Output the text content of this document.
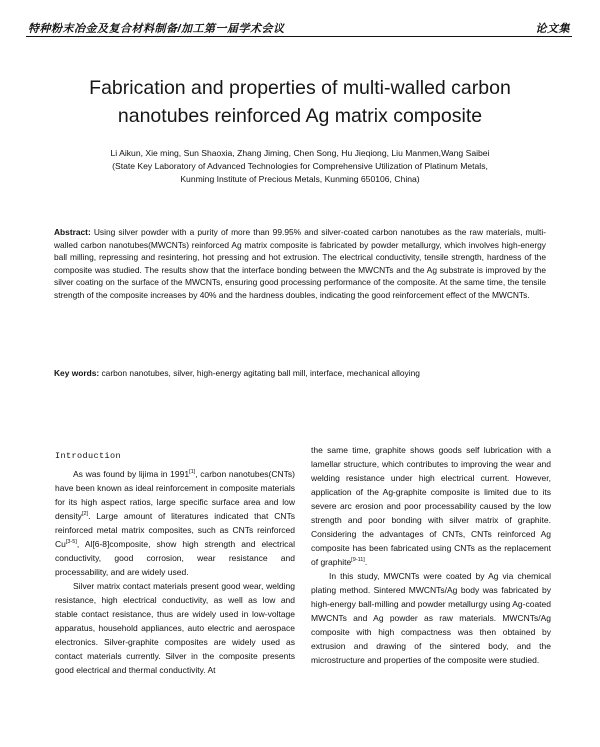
特种粉末冶金及复合材料制备/加工第一届学术会议	论文集
Fabrication and properties of multi-walled carbon
nanotubes reinforced Ag matrix composite
Li Aikun, Xie ming, Sun Shaoxia, Zhang Jiming, Chen Song, Hu Jieqiong, Liu Manmen,Wang Saibei
(State Key Laboratory of Advanced Technologies for Comprehensive Utilization of Platinum Metals,
Kunming Institute of Precious Metals, Kunming 650106, China)
Abstract: Using silver powder with a purity of more than 99.95% and silver-coated carbon nanotubes as the raw materials, multi-walled carbon nanotubes(MWCNTs) reinforced Ag matrix composite is fabricated by powder metallurgy, which involves high-energy ball milling, repressing and resintering, hot pressing and hot extrusion. The electrical conductivity, tensile strength, hardness of the composite was studied. The results show that the interface bonding between the MWCNTs and the Ag substrate is improved by the silver coating on the surface of the MWCNTs, ensuring good processing performance of the composite. At the same time, the tensile strength of the composite increases by 40% and the hardness doubles, indicating the good reinforcement effect of the MWCNTs.
Key words: carbon nanotubes, silver, high-energy agitating ball mill, interface, mechanical alloying
Introduction

As was found by lijima in 1991[1], carbon nanotubes(CNTs) have been known as ideal reinforcement in composite materials for its high aspect ratios, large specific surface area and low density[2]. Large amount of literatures indicated that CNTs reinforced metal matrix composites, such as CNTs reinforced Cu[3-5], Al[6-8]composite, show high strength and electrical conductivity, good corrosion, wear resistance and processability, and are widely used.

Silver matrix contact materials present good wear, welding resistance, high electrical conductivity, as well as low and stable contact resistance, thus are widely used in low-voltage apparatus, household appliances, auto electric and aerospace electronics. Silver-graphite composites are widely used as contact materials currently. Silver in the composite presents good electrical and thermal conductivity. At

the same time, graphite shows goods self lubrication with a lamellar structure, which contributes to improving the wear and welding resistance under high electrical current. However, application of the Ag-graphite composite is limited due to its severe arc erosion and poor processability caused by the low strength and poor bonding with silver matrix of graphite. Considering the advantages of CNTs, CNTs reinforced Ag composite has been fabricated using CNTs as the replacement of graphite[9-11].

In this study, MWCNTs were coated by Ag via chemical plating method. Sintered MWCNTs/Ag body was fabricated by high-energy ball-milling and powder metallurgy using Ag-coated MWCNTs and Ag powder as raw materials. MWCNTs/Ag composite with high compactness was then obtained by extrusion and drawing of the sintered body, and the microstructure and properties of the composite were studied.
